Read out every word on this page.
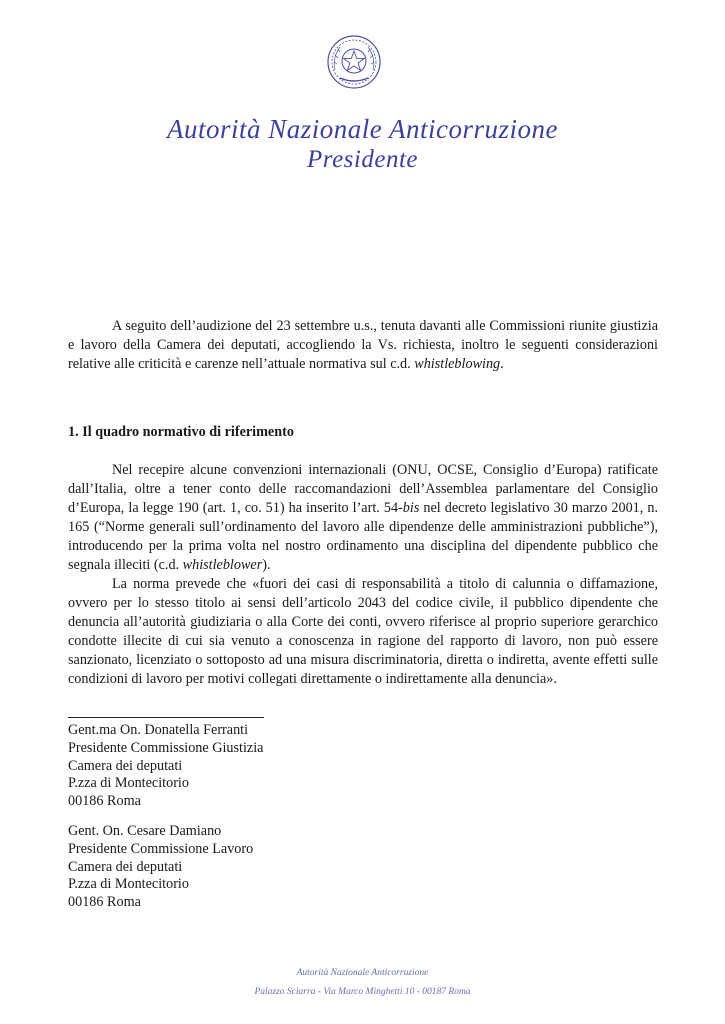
Autorità Nazionale Anticorruzione
Presidente

A seguito dell’audizione del 23 settembre u.s., tenuta davanti alle Commissioni riunite giustizia e lavoro della Camera dei deputati, accogliendo la Vs. richiesta, inoltro le seguenti considerazioni relative alle criticità e carenze nell’attuale normativa sul c.d. whistleblowing.

1. Il quadro normativo di riferimento

Nel recepire alcune convenzioni internazionali (ONU, OCSE, Consiglio d’Europa) ratificate dall’Italia, oltre a tener conto delle raccomandazioni dell’Assemblea parlamentare del Consiglio d’Europa, la legge 190 (art. 1, co. 51) ha inserito l’art. 54-bis nel decreto legislativo 30 marzo 2001, n. 165 (“Norme generali sull’ordinamento del lavoro alle dipendenze delle amministrazioni pubbliche”), introducendo per la prima volta nel nostro ordinamento una disciplina del dipendente pubblico che segnala illeciti (c.d. whistleblower).

La norma prevede che «fuori dei casi di responsabilità a titolo di calunnia o diffamazione, ovvero per lo stesso titolo ai sensi dell’articolo 2043 del codice civile, il pubblico dipendente che denuncia all’autorità giudiziaria o alla Corte dei conti, ovvero riferisce al proprio superiore gerarchico condotte illecite di cui sia venuto a conoscenza in ragione del rapporto di lavoro, non può essere sanzionato, licenziato o sottoposto ad una misura discriminatoria, diretta o indiretta, avente effetti sulle condizioni di lavoro per motivi collegati direttamente o indirettamente alla denuncia».

Gent.ma On. Donatella Ferranti
Presidente Commissione Giustizia
Camera dei deputati
P.zza di Montecitorio
00186 Roma
Gent. On. Cesare Damiano
Presidente Commissione Lavoro
Camera dei deputati
P.zza di Montecitorio
00186 Roma
Autorità Nazionale Anticorruzione
Palazzo Sciarra - Via Marco Minghetti 10 - 00187 Roma
